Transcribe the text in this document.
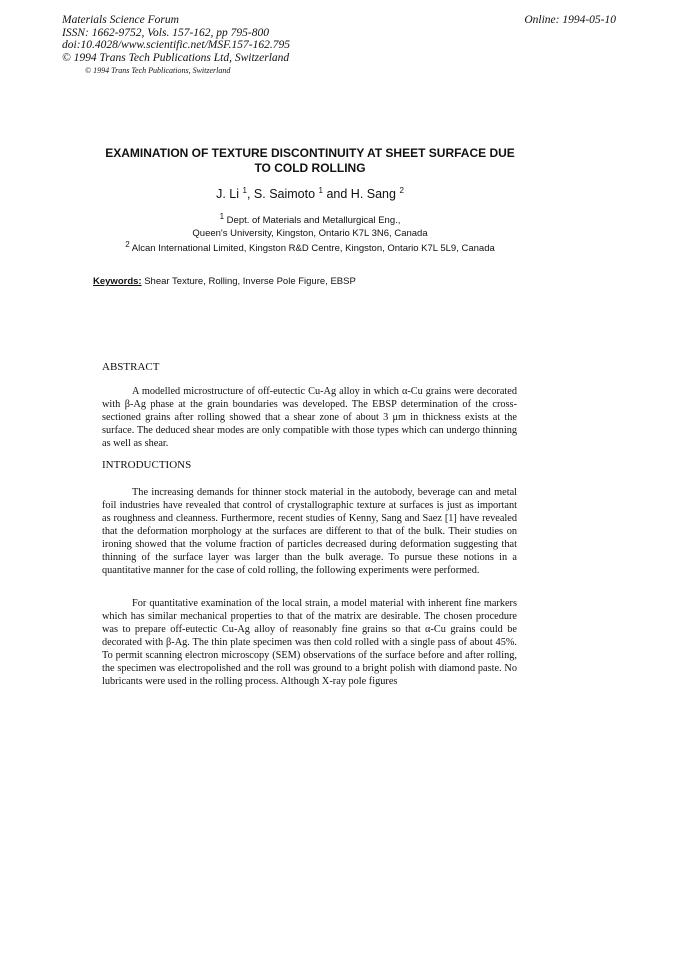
Materials Science Forum
ISSN: 1662-9752, Vols. 157-162, pp 795-800
doi:10.4028/www.scientific.net/MSF.157-162.795
© 1994 Trans Tech Publications Ltd, Switzerland
Online: 1994-05-10
© 1994 Trans Tech Publications, Switzerland
EXAMINATION OF TEXTURE DISCONTINUITY AT SHEET SURFACE DUE
TO COLD ROLLING
J. Li $^1$, S. Saimoto $^1$ and H. Sang $^2$
$^1$ Dept. of Materials and Metallurgical Eng.,
Queen's University, Kingston, Ontario K7L 3N6, Canada
$^2$ Alcan International Limited, Kingston R&D Centre, Kingston, Ontario K7L 5L9, Canada
Keywords: Shear Texture, Rolling, Inverse Pole Figure, EBSP
ABSTRACT

A modelled microstructure of off-eutectic Cu-Ag alloy in which α-Cu grains were decorated with β-Ag phase at the grain boundaries was developed. The EBSP determination of the cross-sectioned grains after rolling showed that a shear zone of about 3 μm in thickness exists at the surface. The deduced shear modes are only compatible with those types which can undergo thinning as well as shear.

INTRODUCTIONS

The increasing demands for thinner stock material in the autobody, beverage can and metal foil industries have revealed that control of crystallographic texture at surfaces is just as important as roughness and cleanness. Furthermore, recent studies of Kenny, Sang and Saez [1] have revealed that the deformation morphology at the surfaces are different to that of the bulk. Their studies on ironing showed that the volume fraction of particles decreased during deformation suggesting that thinning of the surface layer was larger than the bulk average. To pursue these notions in a quantitative manner for the case of cold rolling, the following experiments were performed.

For quantitative examination of the local strain, a model material with inherent fine markers which has similar mechanical properties to that of the matrix are desirable. The chosen procedure was to prepare off-eutectic Cu-Ag alloy of reasonably fine grains so that α-Cu grains could be decorated with β-Ag. The thin plate specimen was then cold rolled with a single pass of about 45%. To permit scanning electron microscopy (SEM) observations of the surface before and after rolling, the specimen was electropolished and the roll was ground to a bright polish with diamond paste. No lubricants were used in the rolling process. Although X-ray pole figures
